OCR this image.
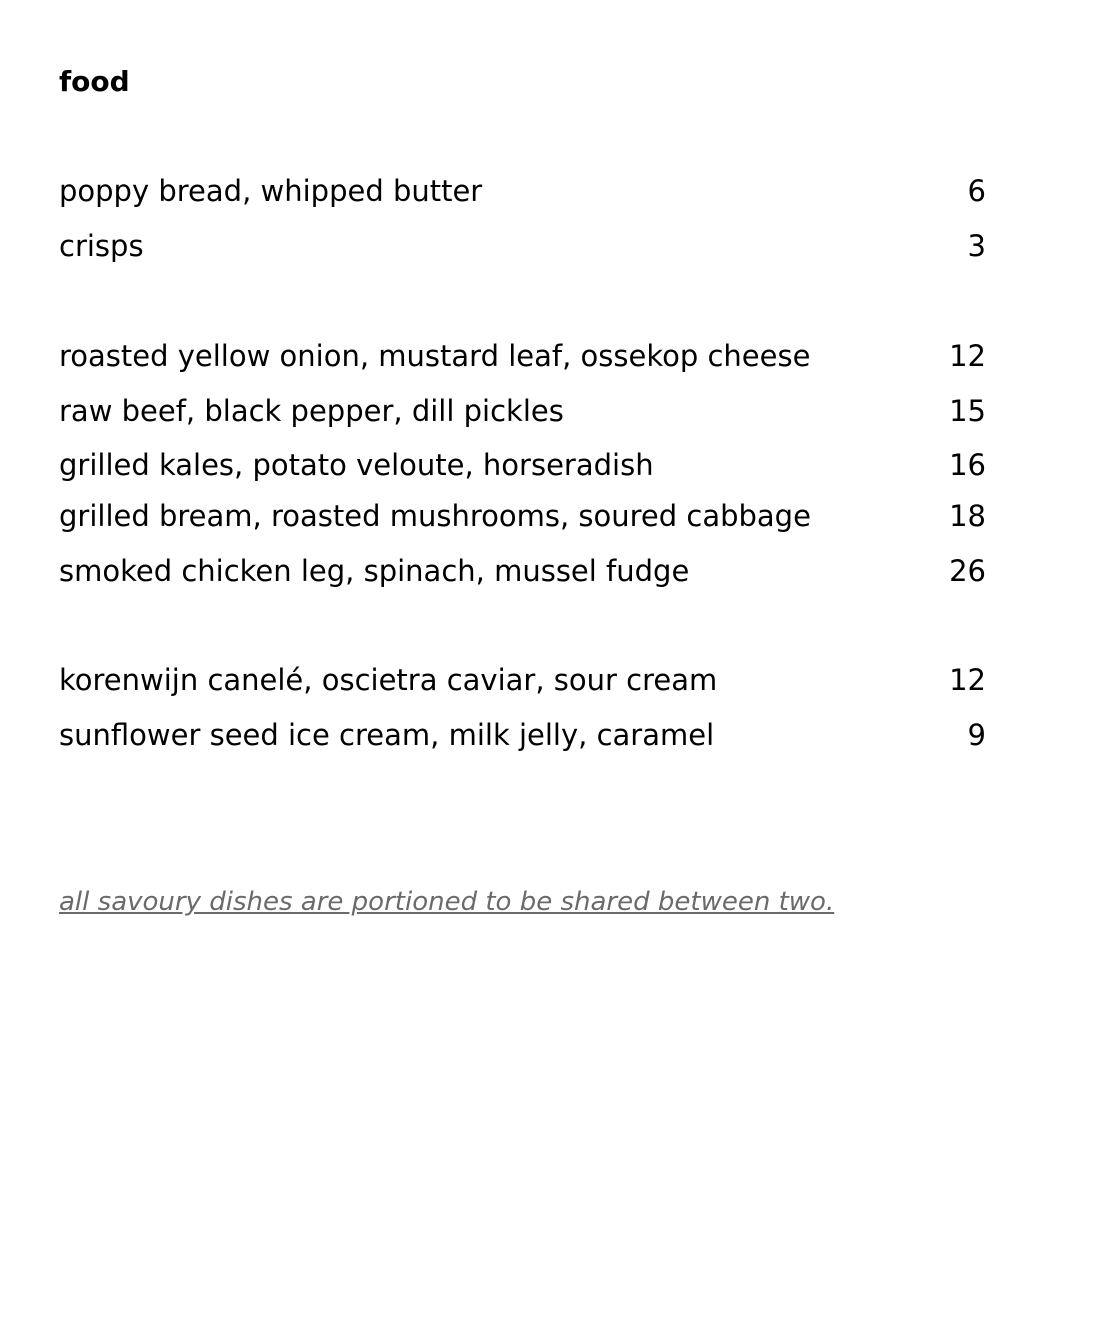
food
poppy bread, whipped butter	6
crisps	3
roasted yellow onion, mustard leaf, ossekop cheese	12
raw beef, black pepper, dill pickles	15
grilled kales, potato veloute, horseradish	16
grilled bream, roasted mushrooms, soured cabbage	18
smoked chicken leg, spinach, mussel fudge	26
korenwijn canelé, oscietra caviar, sour cream	12
sunflower seed ice cream, milk jelly, caramel	9
all savoury dishes are portioned to be shared between two.
